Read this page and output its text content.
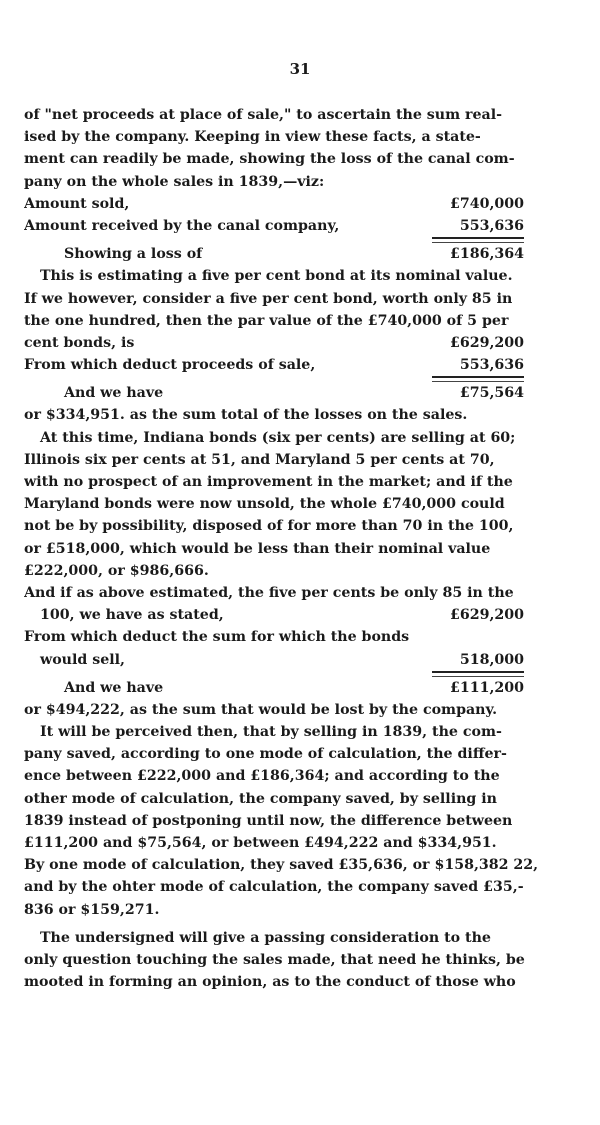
31
of "net proceeds at place of sale," to ascertain the sum real-
ised by the company. Keeping in view these facts, a state-
ment can readily be made, showing the loss of the canal com-
pany on the whole sales in 1839,—viz:
Amount sold,	£740,000
Amount received by the canal company,	553,636
Showing a loss of	£186,364
This is estimating a five per cent bond at its nominal value.
If we however, consider a five per cent bond, worth only 85 in
the one hundred, then the par value of the £740,000 of 5 per
cent bonds, is	£629,200
From which deduct proceeds of sale,	553,636
And we have	£75,564
or $334,951. as the sum total of the losses on the sales.
At this time, Indiana bonds (six per cents) are selling at 60;
Illinois six per cents at 51, and Maryland 5 per cents at 70,
with no prospect of an improvement in the market; and if the
Maryland bonds were now unsold, the whole £740,000 could
not be by possibility, disposed of for more than 70 in the 100,
or £518,000, which would be less than their nominal value
£222,000, or $986,666.
And if as above estimated, the five per cents be only 85 in the
100, we have as stated,	£629,200
From which deduct the sum for which the bonds
would sell,	518,000
And we have	£111,200
or $494,222, as the sum that would be lost by the company.
It will be perceived then, that by selling in 1839, the com-
pany saved, according to one mode of calculation, the differ-
ence between £222,000 and £186,364; and according to the
other mode of calculation, the company saved, by selling in
1839 instead of postponing until now, the difference between
£111,200 and $75,564, or between £494,222 and $334,951.
By one mode of calculation, they saved £35,636, or $158,382 22,
and by the ohter mode of calculation, the company saved £35,-
836 or $159,271.
The undersigned will give a passing consideration to the
only question touching the sales made, that need he thinks, be
mooted in forming an opinion, as to the conduct of those who
